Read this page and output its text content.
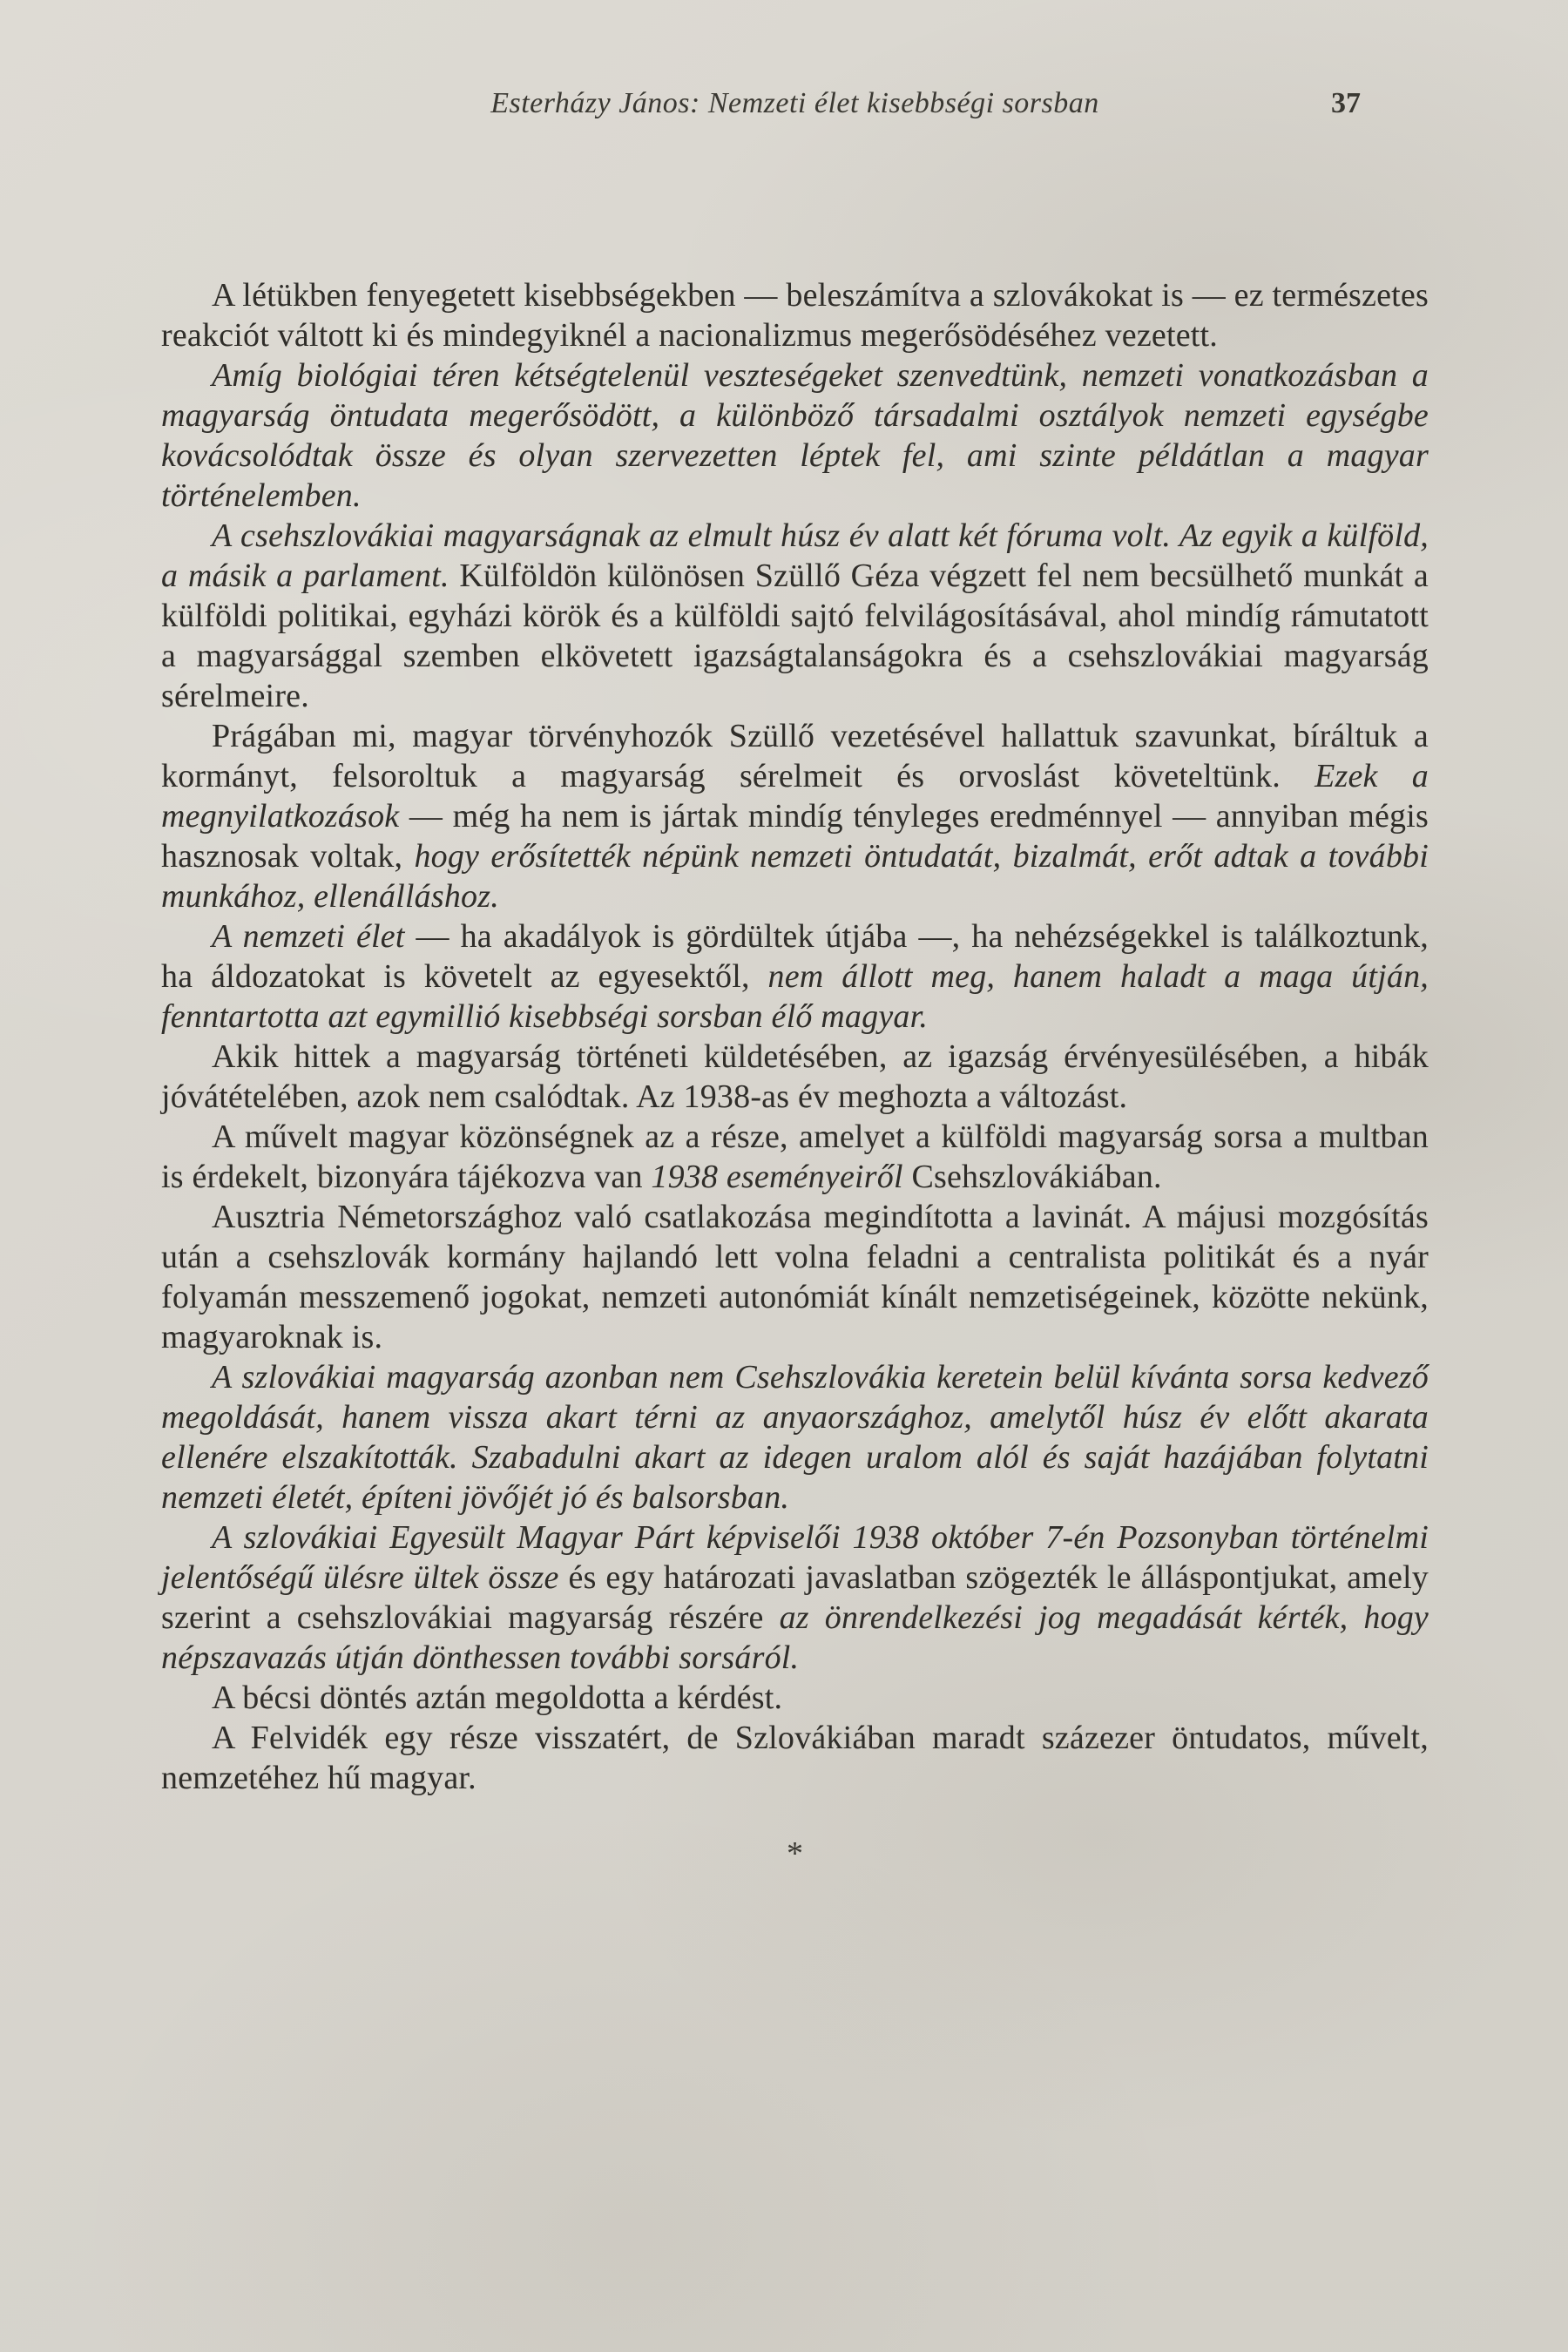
Esterházy János: Nemzeti élet kisebbségi sorsban	37

A létükben fenyegetett kisebbségekben — beleszámítva a szlovákokat is — ez természetes reakciót váltott ki és mindegyiknél a nacionalizmus megerősödéséhez vezetett.

Amíg biológiai téren kétségtelenül veszteségeket szenvedtünk, nemzeti vonatkozásban a magyarság öntudata megerősödött, a különböző társadalmi osztályok nemzeti egységbe kovácsolódtak össze és olyan szervezetten léptek fel, ami szinte példátlan a magyar történelemben.

A csehszlovákiai magyarságnak az elmult húsz év alatt két fóruma volt. Az egyik a külföld, a másik a parlament. Külföldön különösen Szüllő Géza végzett fel nem becsülhető munkát a külföldi politikai, egyházi körök és a külföldi sajtó felvilágosításával, ahol mindíg rámutatott a magyarsággal szemben elkövetett igazságtalanságokra és a csehszlovákiai magyarság sérelmeire.

Prágában mi, magyar törvényhozók Szüllő vezetésével hallattuk szavunkat, bíráltuk a kormányt, felsoroltuk a magyarság sérelmeit és orvoslást követeltünk. Ezek a megnyilatkozások — még ha nem is jártak mindíg tényleges eredménnyel — annyiban mégis hasznosak voltak, hogy erősítették népünk nemzeti öntudatát, bizalmát, erőt adtak a további munkához, ellenálláshoz.

A nemzeti élet — ha akadályok is gördültek útjába —, ha nehézségekkel is találkoztunk, ha áldozatokat is követelt az egyesektől, nem állott meg, hanem haladt a maga útján, fenntartotta azt egymillió kisebbségi sorsban élő magyar.

Akik hittek a magyarság történeti küldetésében, az igazság érvényesülésében, a hibák jóvátételében, azok nem csalódtak. Az 1938-as év meghozta a változást.

A művelt magyar közönségnek az a része, amelyet a külföldi magyarság sorsa a multban is érdekelt, bizonyára tájékozva van 1938 eseményeiről Csehszlovákiában.

Ausztria Németországhoz való csatlakozása megindította a lavinát. A májusi mozgósítás után a csehszlovák kormány hajlandó lett volna feladni a centralista politikát és a nyár folyamán messzemenő jogokat, nemzeti autonómiát kínált nemzetiségeinek, közötte nekünk, magyaroknak is.

A szlovákiai magyarság azonban nem Csehszlovákia keretein belül kívánta sorsa kedvező megoldását, hanem vissza akart térni az anyaországhoz, amelytől húsz év előtt akarata ellenére elszakították. Szabadulni akart az idegen uralom alól és saját hazájában folytatni nemzeti életét, építeni jövőjét jó és balsorsban.

A szlovákiai Egyesült Magyar Párt képviselői 1938 október 7-én Pozsonyban történelmi jelentőségű ülésre ültek össze és egy határozati javaslatban szögezték le álláspontjukat, amely szerint a csehszlovákiai magyarság részére az önrendelkezési jog megadását kérték, hogy népszavazás útján dönthessen további sorsáról.

A bécsi döntés aztán megoldotta a kérdést.

A Felvidék egy része visszatért, de Szlovákiában maradt százezer öntudatos, művelt, nemzetéhez hű magyar.

*
